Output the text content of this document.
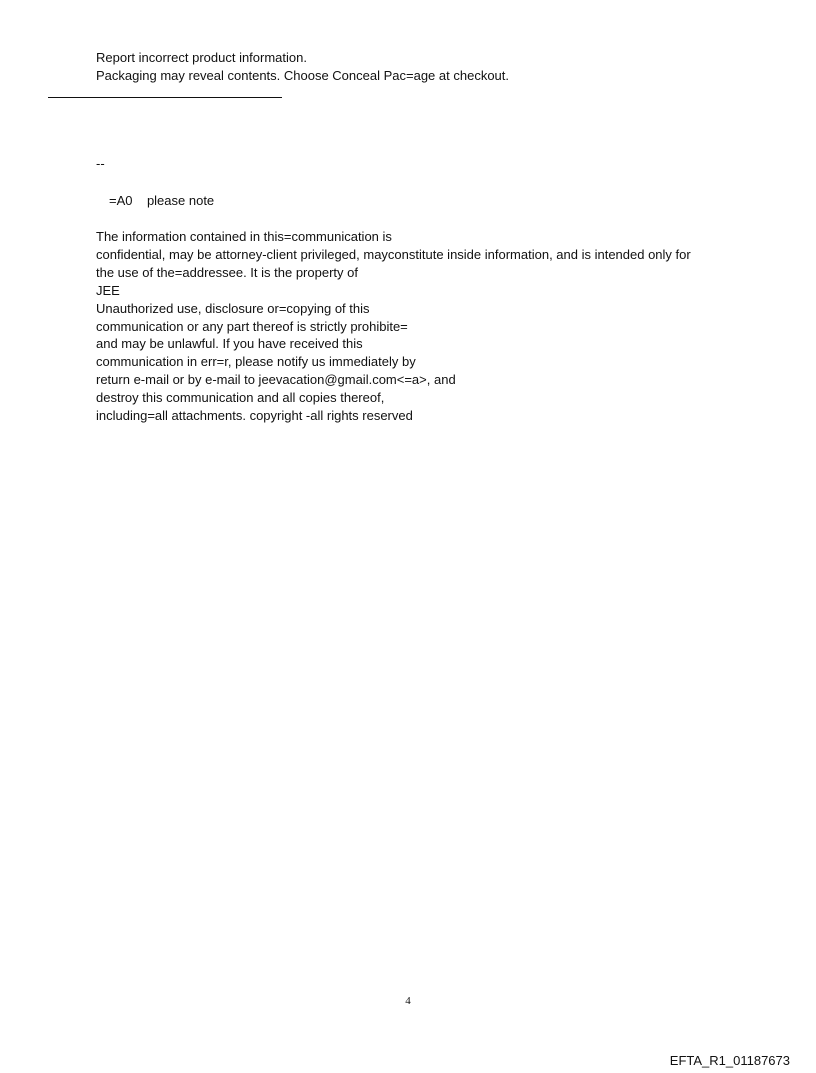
Report incorrect product information.
Packaging may reveal contents. Choose Conceal Pac=age at checkout.
--
=A0    please note
The information contained in this=communication is
confidential, may be attorney-client privileged, mayconstitute inside information, and is intended only for
the use of the=addressee. It is the property of
JEE
Unauthorized use, disclosure or=copying of this
communication or any part thereof is strictly prohibite=
and may be unlawful. If you have received this
communication in err=r, please notify us immediately by
return e-mail or by e-mail to jeevacation@gmail.com<=a>, and
destroy this communication and all copies thereof,
including=all attachments. copyright -all rights reserved
4
EFTA_R1_01187673
